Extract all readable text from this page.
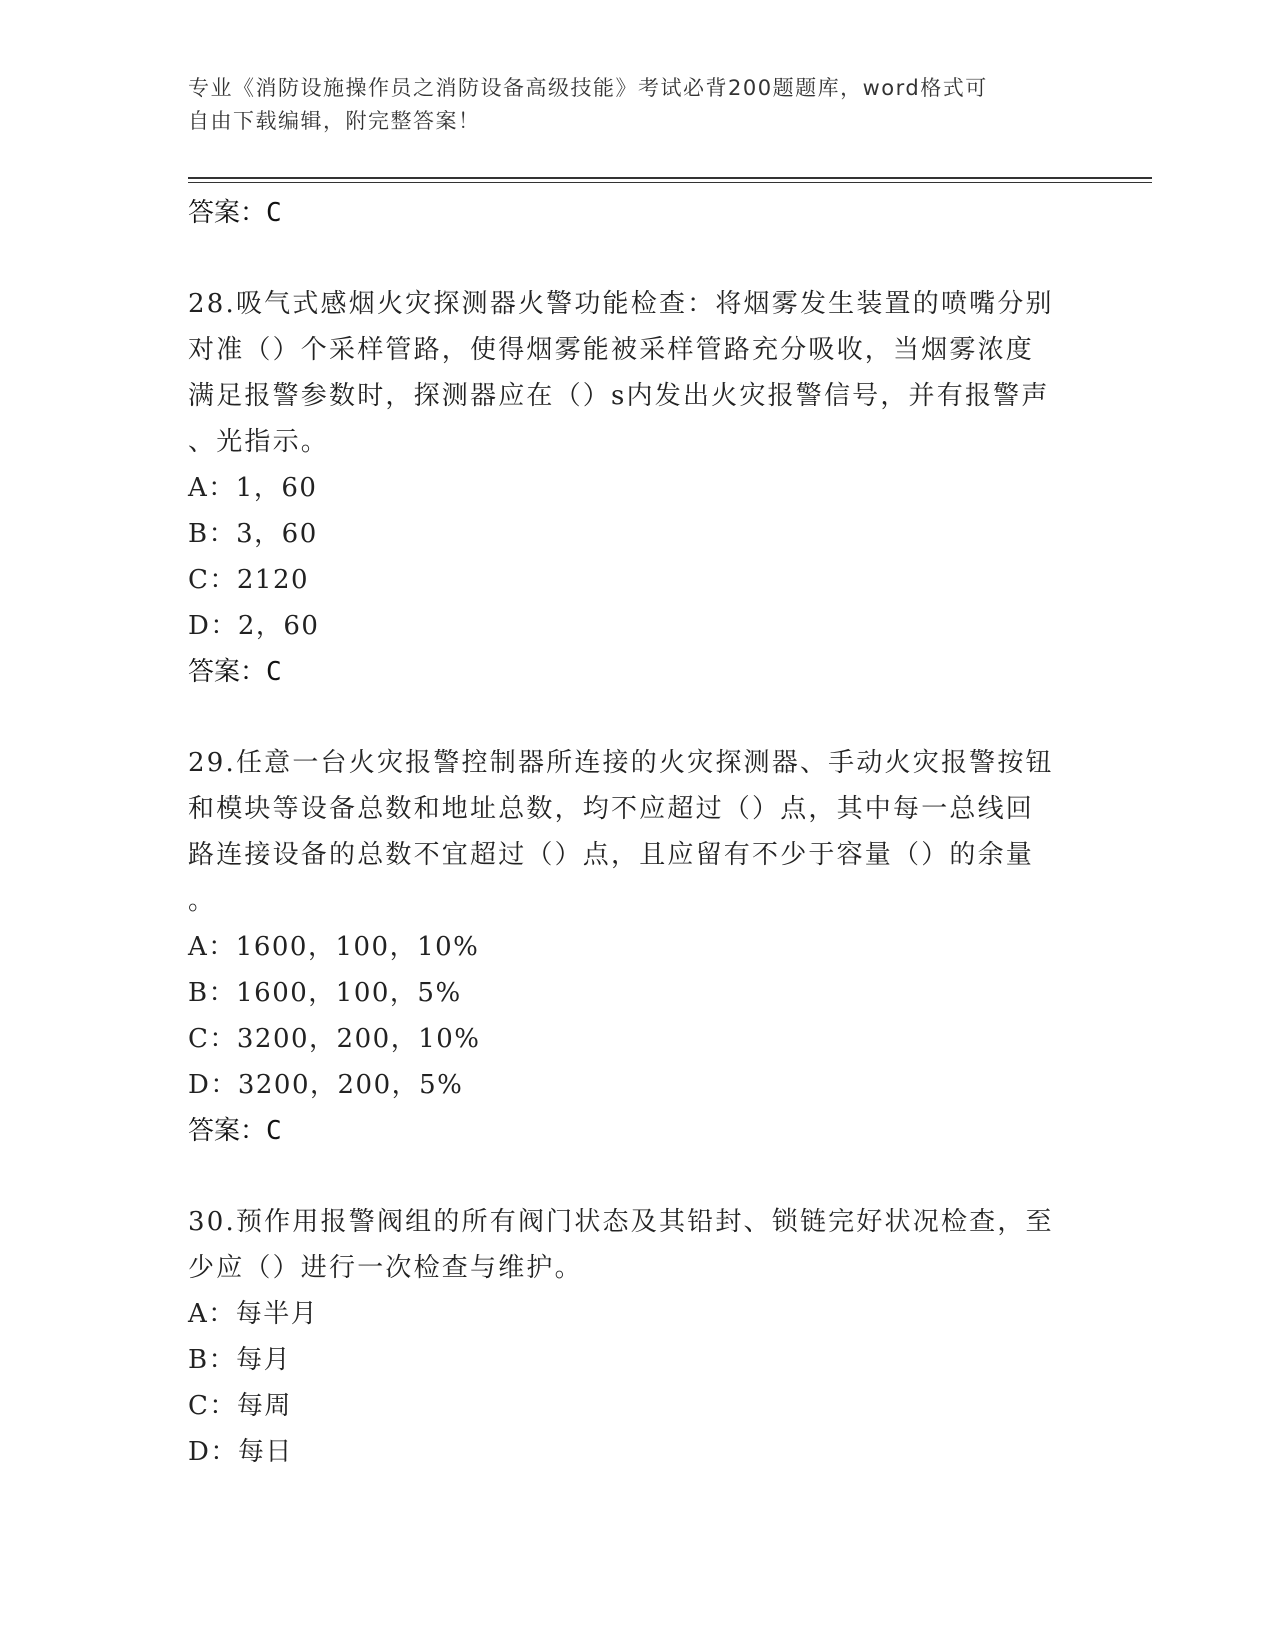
专业《消防设施操作员之消防设备高级技能》考试必背200题题库，word格式可
自由下载编辑，附完整答案！
答案：C
28.吸气式感烟火灾探测器火警功能检查：将烟雾发生装置的喷嘴分别
对准（）个采样管路，使得烟雾能被采样管路充分吸收，当烟雾浓度
满足报警参数时，探测器应在（）s内发出火灾报警信号，并有报警声
、光指示。
A：1，60
B：3，60
C：2120
D：2，60
答案：C
29.任意一台火灾报警控制器所连接的火灾探测器、手动火灾报警按钮
和模块等设备总数和地址总数，均不应超过（）点，其中每一总线回
路连接设备的总数不宜超过（）点，且应留有不少于容量（）的余量
。
A：1600，100，10%
B：1600，100，5%
C：3200，200，10%
D：3200，200，5%
答案：C
30.预作用报警阀组的所有阀门状态及其铅封、锁链完好状况检查，至
少应（）进行一次检查与维护。
A：每半月
B：每月
C：每周
D：每日
